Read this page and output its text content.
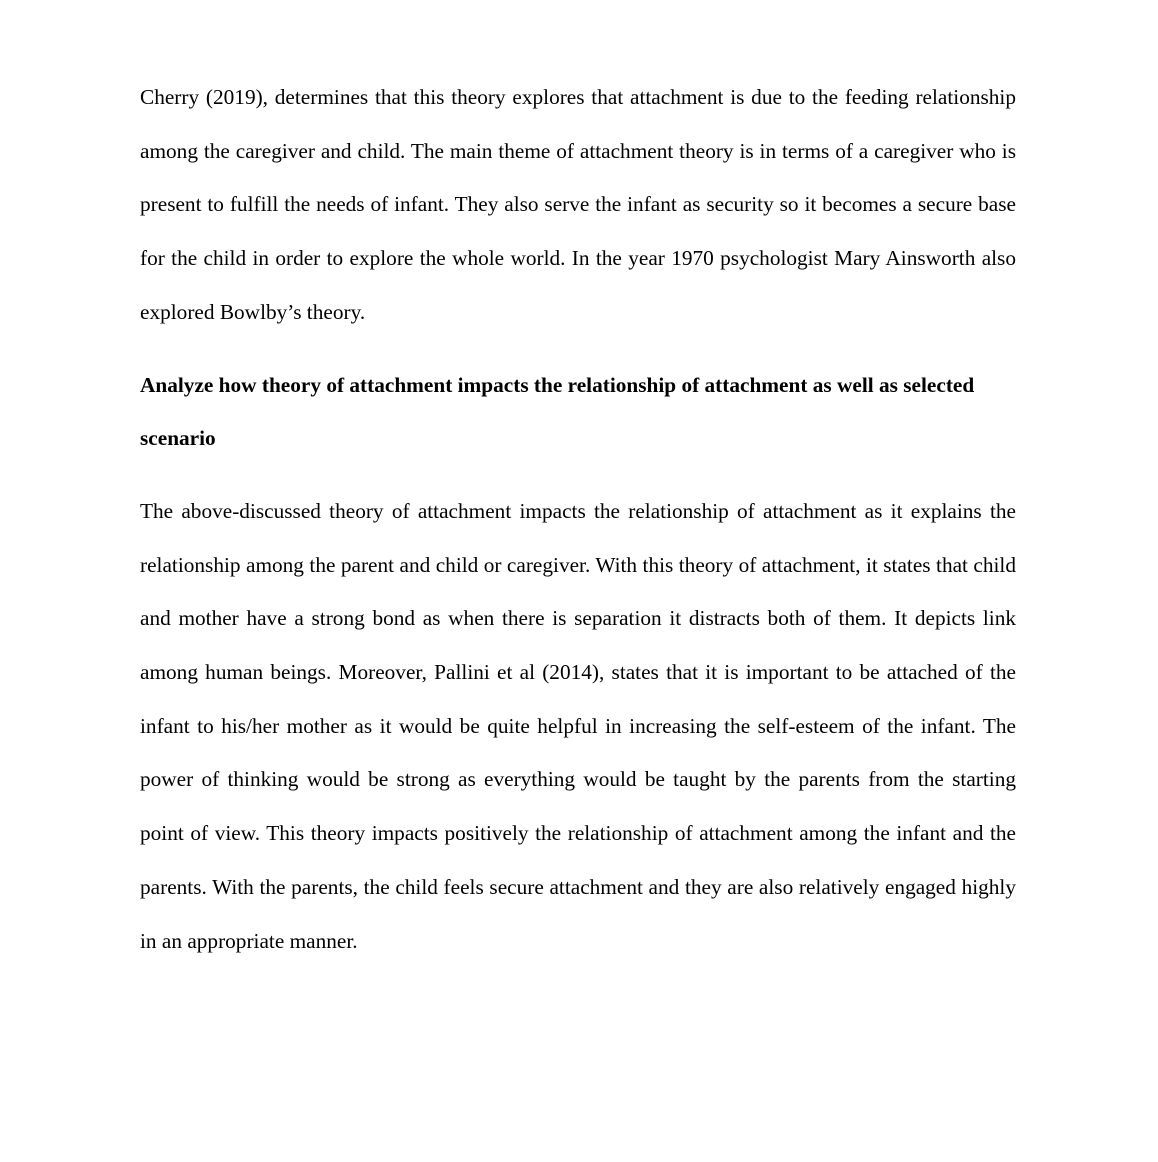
Cherry (2019), determines that this theory explores that attachment is due to the feeding relationship among the caregiver and child. The main theme of attachment theory is in terms of a caregiver who is present to fulfill the needs of infant. They also serve the infant as security so it becomes a secure base for the child in order to explore the whole world. In the year 1970 psychologist Mary Ainsworth also explored Bowlby’s theory.

Analyze how theory of attachment impacts the relationship of attachment as well as selected scenario

The above-discussed theory of attachment impacts the relationship of attachment as it explains the relationship among the parent and child or caregiver. With this theory of attachment, it states that child and mother have a strong bond as when there is separation it distracts both of them. It depicts link among human beings. Moreover, Pallini et al (2014), states that it is important to be attached of the infant to his/her mother as it would be quite helpful in increasing the self-esteem of the infant. The power of thinking would be strong as everything would be taught by the parents from the starting point of view. This theory impacts positively the relationship of attachment among the infant and the parents. With the parents, the child feels secure attachment and they are also relatively engaged highly in an appropriate manner.
